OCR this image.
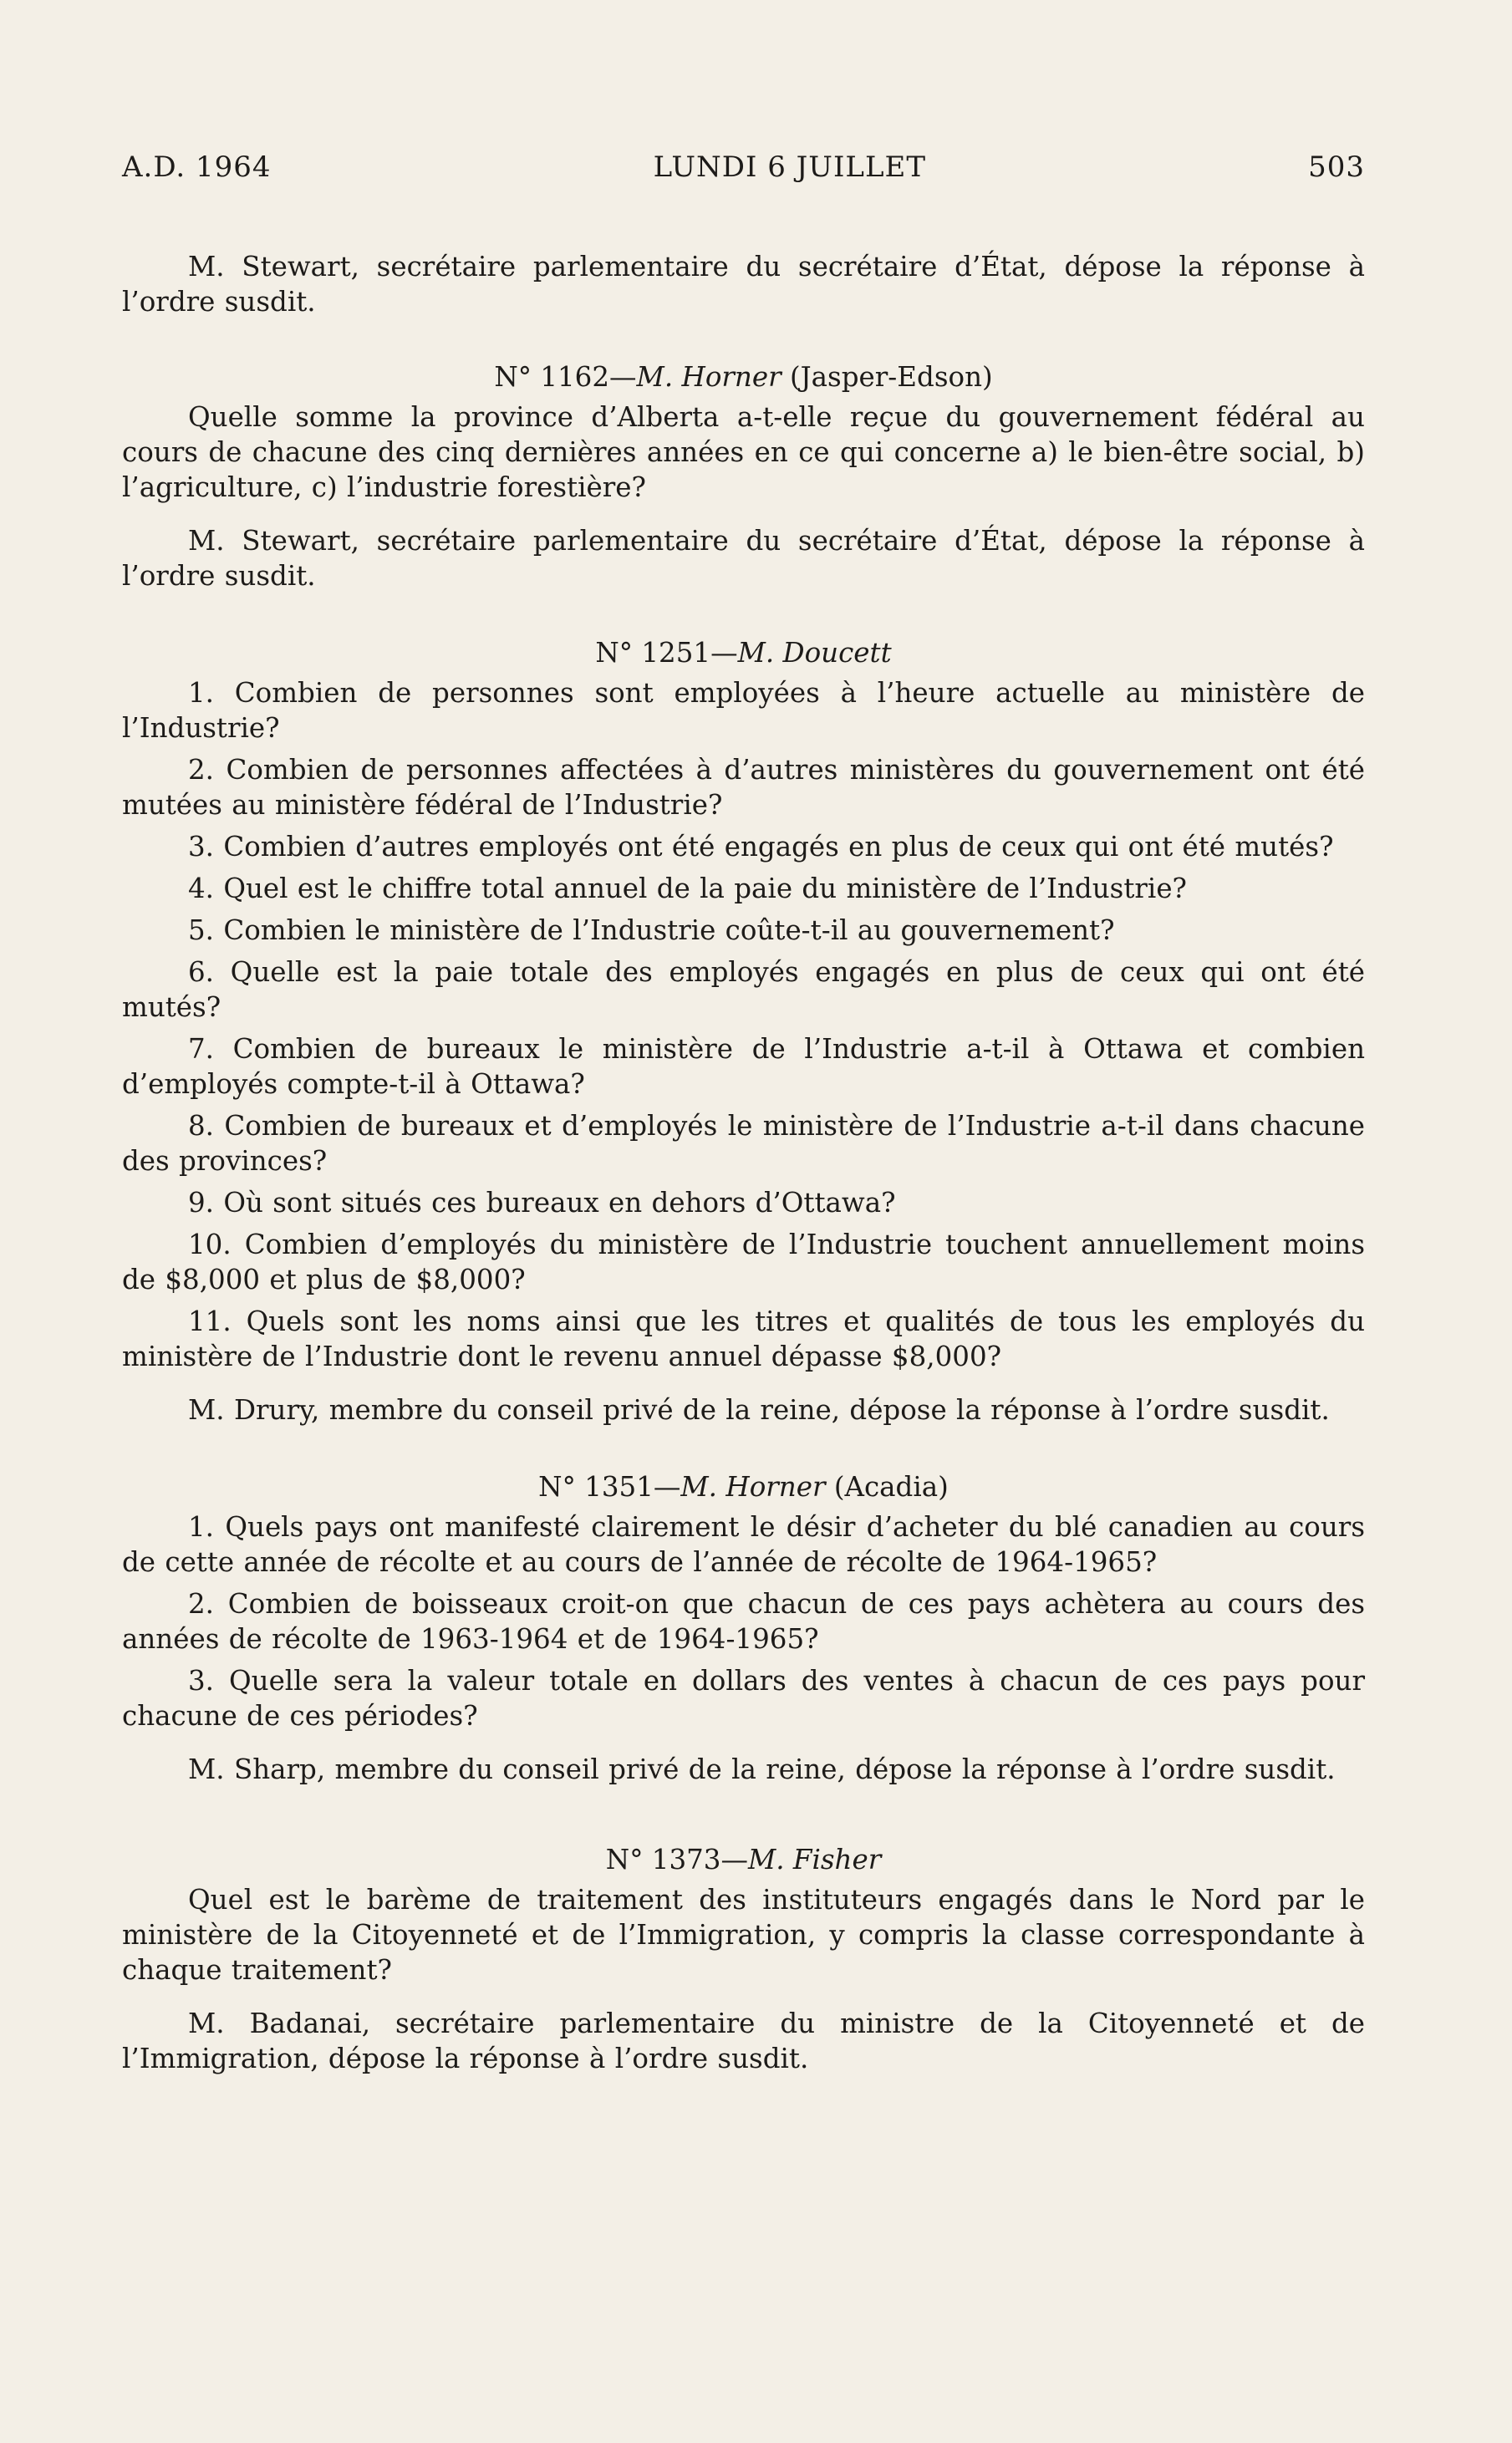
A.D. 1964	LUNDI 6 JUILLET	503

M. Stewart, secrétaire parlementaire du secrétaire d’État, dépose la réponse à l’ordre susdit.

N° 1162—M. Horner (Jasper-Edson)

Quelle somme la province d’Alberta a-t-elle reçue du gouvernement fédéral au cours de chacune des cinq dernières années en ce qui concerne a) le bien-être social, b) l’agriculture, c) l’industrie forestière?

M. Stewart, secrétaire parlementaire du secrétaire d’État, dépose la réponse à l’ordre susdit.

N° 1251—M. Doucett

1. Combien de personnes sont employées à l’heure actuelle au ministère de l’Industrie?

2. Combien de personnes affectées à d’autres ministères du gouvernement ont été mutées au ministère fédéral de l’Industrie?

3. Combien d’autres employés ont été engagés en plus de ceux qui ont été mutés?

4. Quel est le chiffre total annuel de la paie du ministère de l’Industrie?

5. Combien le ministère de l’Industrie coûte-t-il au gouvernement?

6. Quelle est la paie totale des employés engagés en plus de ceux qui ont été mutés?

7. Combien de bureaux le ministère de l’Industrie a-t-il à Ottawa et combien d’employés compte-t-il à Ottawa?

8. Combien de bureaux et d’employés le ministère de l’Industrie a-t-il dans chacune des provinces?

9. Où sont situés ces bureaux en dehors d’Ottawa?

10. Combien d’employés du ministère de l’Industrie touchent annuellement moins de $8,000 et plus de $8,000?

11. Quels sont les noms ainsi que les titres et qualités de tous les employés du ministère de l’Industrie dont le revenu annuel dépasse $8,000?

M. Drury, membre du conseil privé de la reine, dépose la réponse à l’ordre susdit.

N° 1351—M. Horner (Acadia)

1. Quels pays ont manifesté clairement le désir d’acheter du blé canadien au cours de cette année de récolte et au cours de l’année de récolte de 1964-1965?

2. Combien de boisseaux croit-on que chacun de ces pays achètera au cours des années de récolte de 1963-1964 et de 1964-1965?

3. Quelle sera la valeur totale en dollars des ventes à chacun de ces pays pour chacune de ces périodes?

M. Sharp, membre du conseil privé de la reine, dépose la réponse à l’ordre susdit.

N° 1373—M. Fisher

Quel est le barème de traitement des instituteurs engagés dans le Nord par le ministère de la Citoyenneté et de l’Immigration, y compris la classe correspondante à chaque traitement?

M. Badanai, secrétaire parlementaire du ministre de la Citoyenneté et de l’Immigration, dépose la réponse à l’ordre susdit.
